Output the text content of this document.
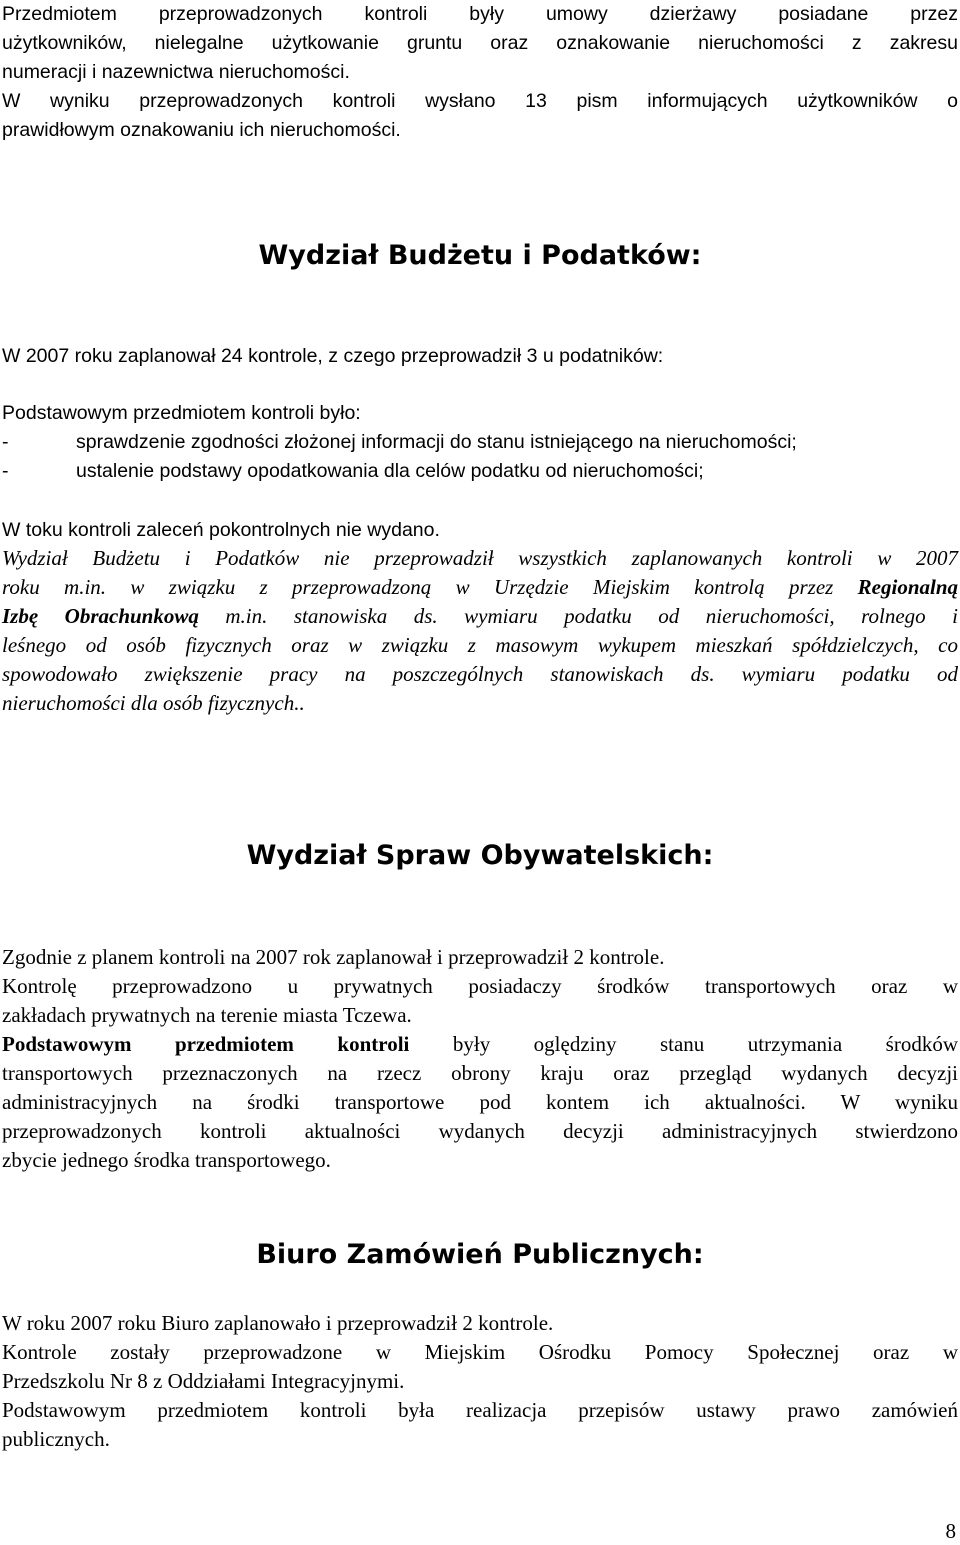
Przedmiotem przeprowadzonych kontroli były umowy dzierżawy posiadane przez
użytkowników, nielegalne użytkowanie gruntu oraz oznakowanie nieruchomości z zakresu
numeracji i nazewnictwa nieruchomości.
W wyniku przeprowadzonych kontroli wysłano 13 pism informujących użytkowników o
prawidłowym oznakowaniu ich nieruchomości.
Wydział Budżetu i Podatków:

W 2007 roku zaplanował 24 kontrole, z czego przeprowadził 3 u podatników:

Podstawowym przedmiotem kontroli było:
-	sprawdzenie zgodności złożonej informacji do stanu istniejącego na nieruchomości;
-	ustalenie podstawy opodatkowania dla celów podatku od nieruchomości;

W toku kontroli zaleceń pokontrolnych nie wydano.

Wydział Budżetu i Podatków nie przeprowadził wszystkich zaplanowanych kontroli w 2007
roku m.in. w związku z przeprowadzoną w Urzędzie Miejskim kontrolą przez Regionalną
Izbę Obrachunkową m.in. stanowiska ds. wymiaru podatku od nieruchomości, rolnego i
leśnego od osób fizycznych oraz w związku z masowym wykupem mieszkań spółdzielczych, co
spowodowało zwiększenie pracy na poszczególnych stanowiskach ds. wymiaru podatku od
nieruchomości dla osób fizycznych..
Wydział Spraw Obywatelskich:
Zgodnie z planem kontroli na 2007 rok zaplanował i przeprowadził 2 kontrole.
Kontrolę przeprowadzono u prywatnych posiadaczy środków transportowych oraz w
zakładach prywatnych na terenie miasta Tczewa.
Podstawowym przedmiotem kontroli były oględziny stanu utrzymania środków
transportowych przeznaczonych na rzecz obrony kraju oraz przegląd wydanych decyzji
administracyjnych na środki transportowe pod kontem ich aktualności. W wyniku
przeprowadzonych kontroli aktualności wydanych decyzji administracyjnych stwierdzono
zbycie jednego środka transportowego.
Biuro Zamówień Publicznych:
W roku 2007 roku Biuro zaplanowało i przeprowadził 2 kontrole.
Kontrole zostały przeprowadzone w Miejskim Ośrodku Pomocy Społecznej oraz w
Przedszkolu Nr 8 z Oddziałami Integracyjnymi.
Podstawowym przedmiotem kontroli była realizacja przepisów ustawy prawo zamówień
publicznych.
8
